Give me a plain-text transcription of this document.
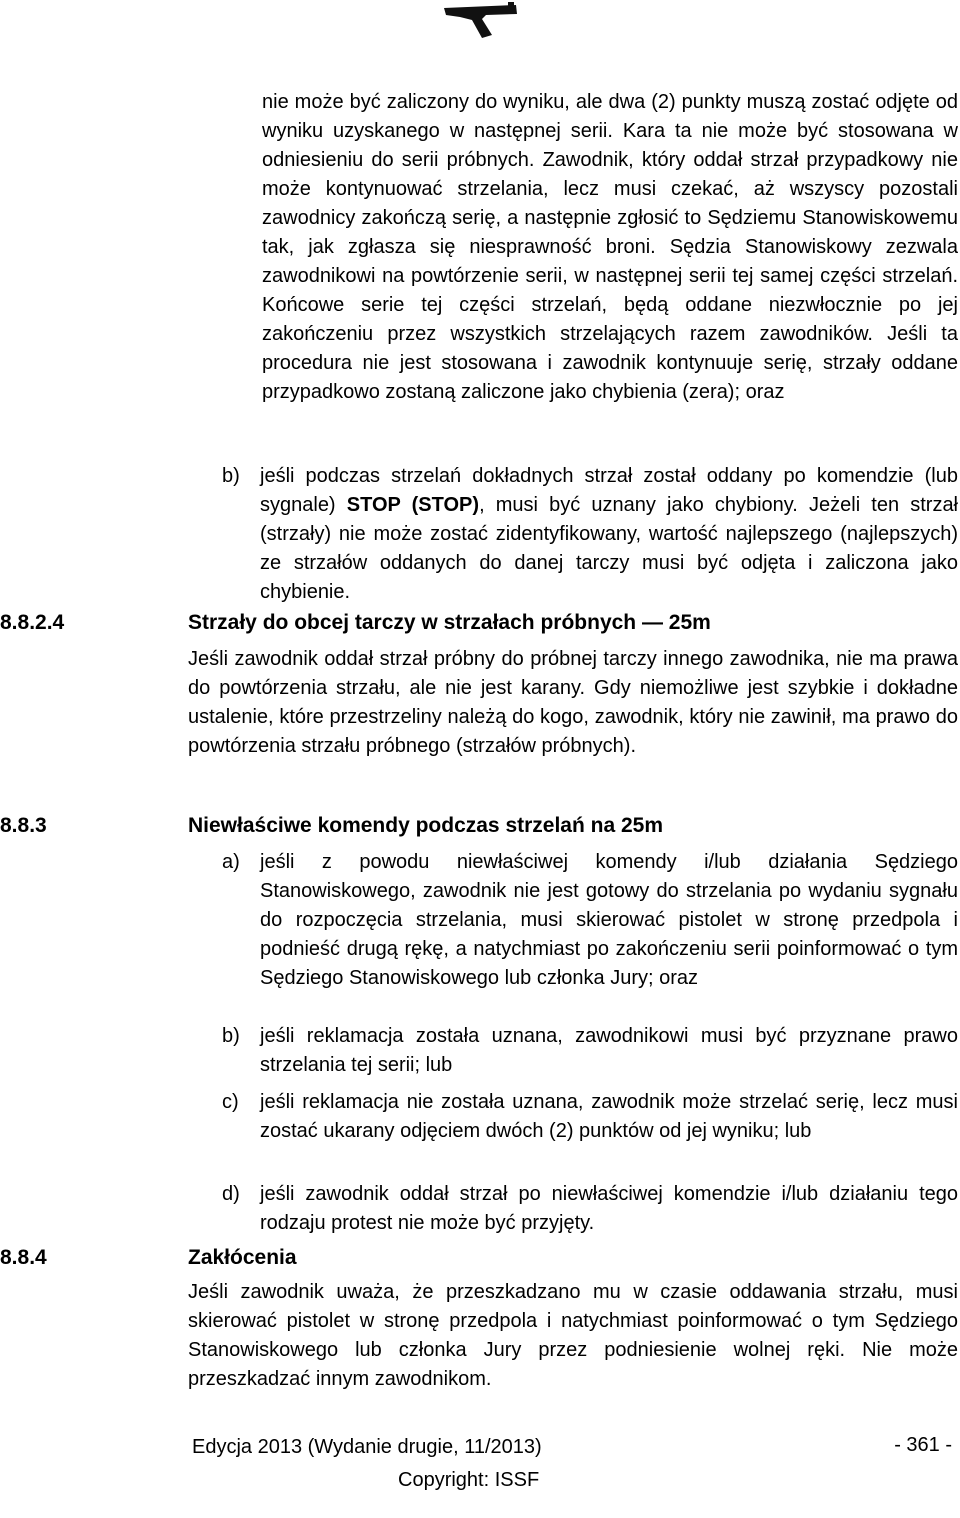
nie może być zaliczony do wyniku, ale dwa (2) punkty muszą zostać odjęte od wyniku uzyskanego w następnej serii. Kara ta nie może być stosowana w odniesieniu do serii próbnych. Zawodnik, który oddał strzał przypadkowy nie może kontynuować strzelania, lecz musi czekać, aż wszyscy pozostali zawodnicy zakończą serię, a następnie zgłosić to Sędziemu Stanowiskowemu tak, jak zgłasza się niesprawność broni. Sędzia Stanowiskowy zezwala zawodnikowi na powtórzenie serii, w następnej serii tej samej części strzelań. Końcowe serie tej części strzelań, będą oddane niezwłocznie po jej zakończeniu przez wszystkich strzelających razem zawodników. Jeśli ta procedura nie jest stosowana i zawodnik kontynuuje serię, strzały oddane przypadkowo zostaną zaliczone jako chybienia (zera); oraz

b) jeśli podczas strzelań dokładnych strzał został oddany po komendzie (lub sygnale) STOP (STOP), musi być uznany jako chybiony. Jeżeli ten strzał (strzały) nie może zostać zidentyfikowany, wartość najlepszego (najlepszych) ze strzałów oddanych do danej tarczy musi być odjęta i zaliczona jako chybienie.
8.8.2.4	Strzały do obcej tarczy w strzałach próbnych — 25m

Jeśli zawodnik oddał strzał próbny do próbnej tarczy innego zawodnika, nie ma prawa do powtórzenia strzału, ale nie jest karany. Gdy niemożliwe jest szybkie i dokładne ustalenie, które przestrzeliny należą do kogo, zawodnik, który nie zawinił, ma prawo do powtórzenia strzału próbnego (strzałów próbnych).

8.8.3	Niewłaściwe komendy podczas strzelań na 25m
a) jeśli z powodu niewłaściwej komendy i/lub działania Sędziego Stanowiskowego, zawodnik nie jest gotowy do strzelania po wydaniu sygnału do rozpoczęcia strzelania, musi skierować pistolet w stronę przedpola i podnieść drugą rękę, a natychmiast po zakończeniu serii poinformować o tym Sędziego Stanowiskowego lub członka Jury; oraz
b) jeśli reklamacja została uznana, zawodnikowi musi być przyznane prawo strzelania tej serii; lub
c) jeśli reklamacja nie została uznana, zawodnik może strzelać serię, lecz musi zostać ukarany odjęciem dwóch (2) punktów od jej wyniku; lub
d) jeśli zawodnik oddał strzał po niewłaściwej komendzie i/lub działaniu tego rodzaju protest nie może być przyjęty.
8.8.4	Zakłócenia

Jeśli zawodnik uważa, że przeszkadzano mu w czasie oddawania strzału, musi skierować pistolet w stronę przedpola i natychmiast poinformować o tym Sędziego Stanowiskowego lub członka Jury przez podniesienie wolnej ręki. Nie może przeszkadzać innym zawodnikom.

Edycja 2013 (Wydanie drugie, 11/2013)
Copyright: ISSF
- 361 -
